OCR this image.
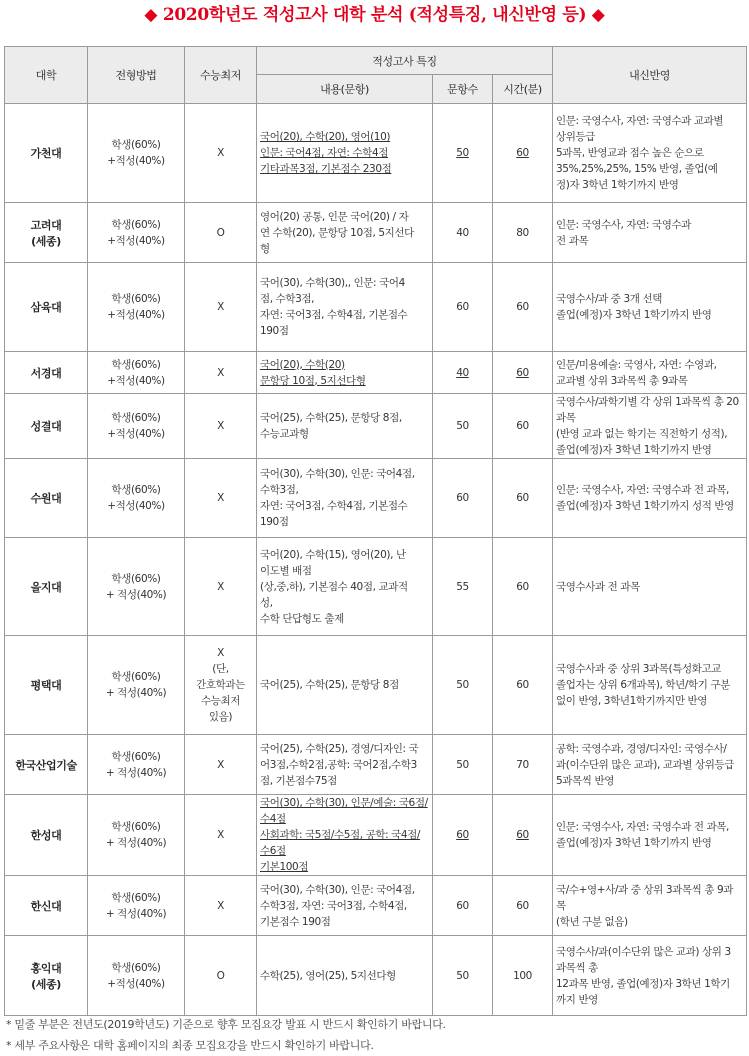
◆ 2020학년도 적성고사 대학 분석 (적성특징, 내신반영 등) ◆
대학	전형방법	수능최저	적성고사 특징			내신반영
			내용(문항)	문항수	시간(분)	

가천대	학생(60%)
+적성(40%)	X	국어(20), 수학(20), 영어(10)
인문: 국어4점, 자연: 수학4점
기타과목3점, 기본점수 230점	50	60	인문: 국영수사, 자연: 국영수과 교과별
상위등급
5과목, 반영교과 점수 높은 순으로
35%,25%,25%, 15% 반영, 졸업(예
정)자 3학년 1학기까지 반영

고려대
(세종)	학생(60%)
+적성(40%)	O	영어(20) 공통, 인문 국어(20) / 자
연 수학(20), 문항당 10점, 5지선다
형	40	80	인문: 국영수사, 자연: 국영수과
전 과목

삼육대	학생(60%)
+적성(40%)	X	국어(30), 수학(30),, 인문: 국어4
점, 수학3점,
자연: 국어3점, 수학4점, 기본점수
190점	60	60	국영수사/과 중 3개 선택
졸업(예정)자 3학년 1학기까지 반영

서경대	학생(60%)
+적성(40%)	X	국어(20), 수학(20)
문항당 10점, 5지선다형	40	60	인문/미용예술: 국영사, 자연: 수영과,
교과별 상위 3과목씩 총 9과목

성결대	학생(60%)
+적성(40%)	X	국어(25), 수학(25), 문항당 8점,
수능교과형	50	60	국영수사/과학기별 각 상위 1과목씩 총 20과목
(반영 교과 없는 학기는 직전학기 성적),
졸업(예정)자 3학년 1학기까지 반영

수원대	학생(60%)
+적성(40%)	X	국어(30), 수학(30), 인문: 국어4점,
수학3점,
자연: 국어3점, 수학4점, 기본점수
190점	60	60	인문: 국영수사, 자연: 국영수과 전 과목,
졸업(예정)자 3학년 1학기까지 성적 반영

을지대	학생(60%)
+ 적성(40%)	X	국어(20), 수학(15), 영어(20), 난
이도별 배점
(상,중,하), 기본점수 40점, 교과적
성,
수학 단답형도 출제	55	60	국영수사과 전 과목

평택대	학생(60%)
+ 적성(40%)	X
(단,
간호학과는
수능최저
있음)	국어(25), 수학(25), 문항당 8점	50	60	국영수사과 중 상위 3과목(특성화고교
졸업자는 상위 6개과목), 학년/학기 구분
없이 반영, 3학년1학기까지만 반영

한국산업기술	학생(60%)
+ 적성(40%)	X	국어(25), 수학(25), 경영/디자인: 국
어3점,수학2점,공학: 국어2점,수학3
점, 기본점수75점	50	70	공학: 국영수과, 경영/디자인: 국영수사/
과(이수단위 많은 교과), 교과별 상위등급
5과목씩 반영

한성대	학생(60%)
+ 적성(40%)	X	국어(30), 수학(30), 인문/예술: 국6점/
수4점
사회과학: 국5점/수5점, 공학: 국4점/수6점
기본100점	60	60	인문: 국영수사, 자연: 국영수과 전 과목,
졸업(예정)자 3학년 1학기까지 반영

한신대	학생(60%)
+ 적성(40%)	X	국어(30), 수학(30), 인문: 국어4점,
수학3점, 자연: 국어3점, 수학4점,
기본점수 190점	60	60	국/수+영+사/과 중 상위 3과목씩 총 9과
목
(학년 구분 없음)

홍익대
(세종)	학생(60%)
+적성(40%)	O	수학(25), 영어(25), 5지선다형	50	100	국영수사/과(이수단위 많은 교과) 상위 3
과목씩 총
12과목 반영, 졸업(예정)자 3학년 1학기
까지 반영
* 밑줄 부분은 전년도(2019학년도) 기준으로 향후 모집요강 발표 시 반드시 확인하기 바랍니다.
* 세부 주요사항은 대학 홈페이지의 최종 모집요강을 반드시 확인하기 바랍니다.
